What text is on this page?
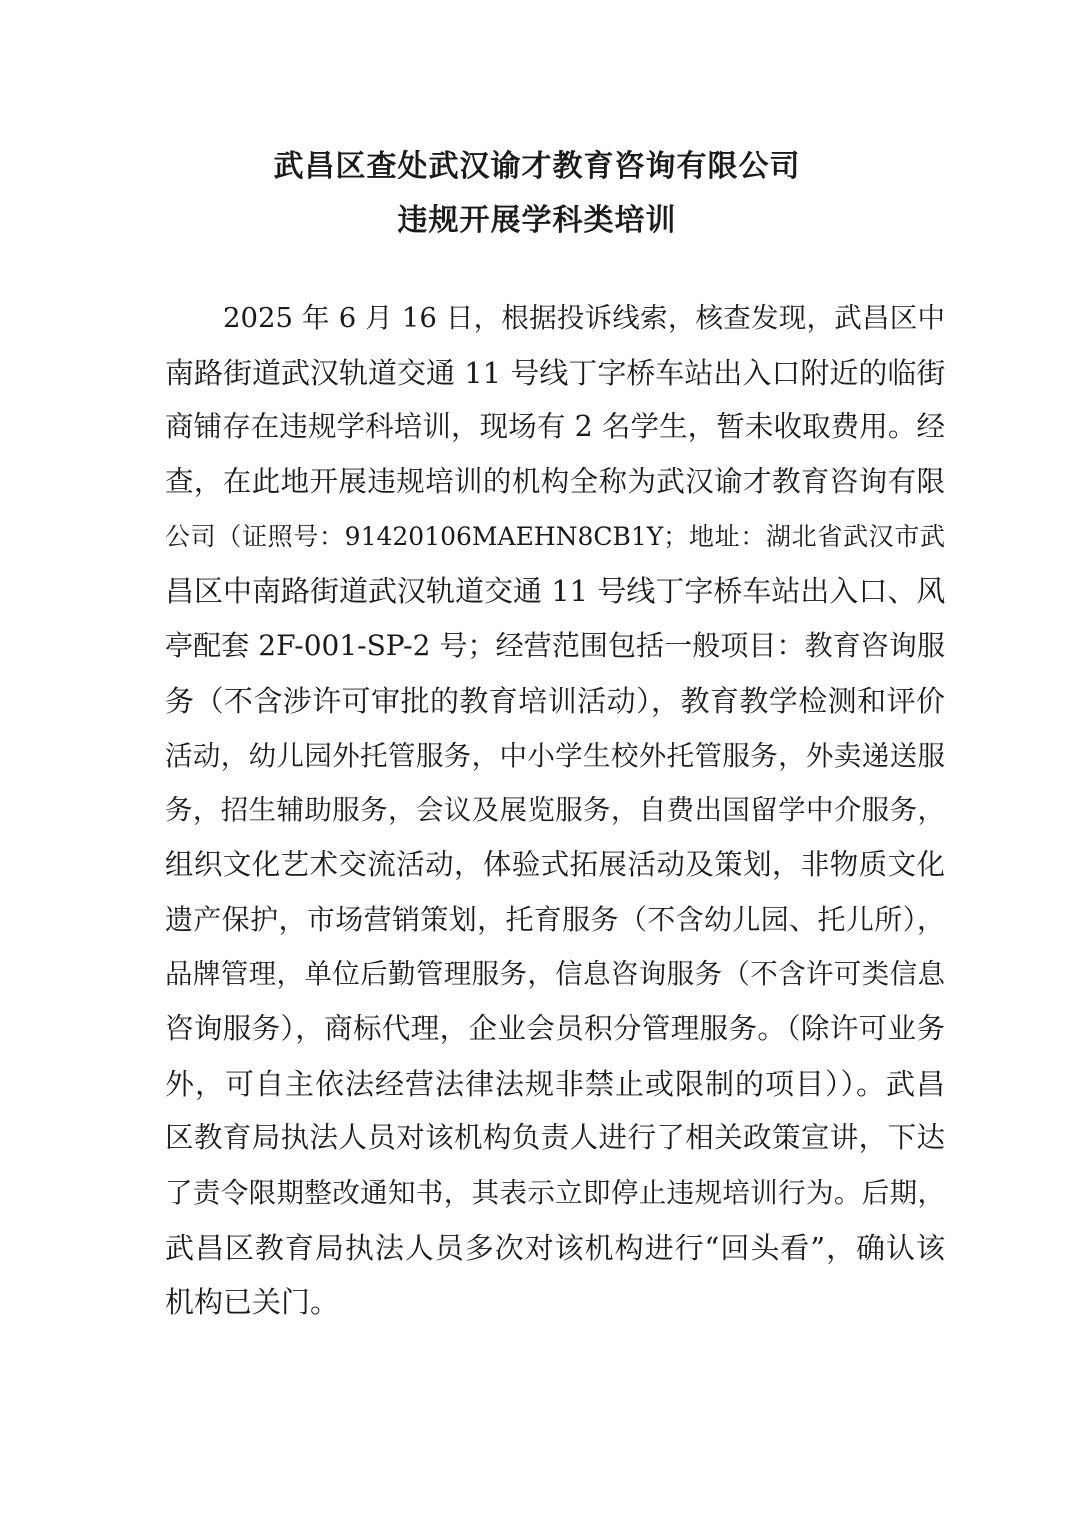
武昌区查处武汉谕才教育咨询有限公司
违规开展学科类培训
2025 年 6 月 16 日，根据投诉线索，核查发现，武昌区中
南路街道武汉轨道交通 11 号线丁字桥车站出入口附近的临街
商铺存在违规学科培训，现场有 2 名学生，暂未收取费用。经
查，在此地开展违规培训的机构全称为武汉谕才教育咨询有限
公司（证照号：91420106MAEHN8CB1Y；地址：湖北省武汉市武
昌区中南路街道武汉轨道交通 11 号线丁字桥车站出入口、风
亭配套 2F-001-SP-2 号；经营范围包括一般项目：教育咨询服
务（不含涉许可审批的教育培训活动），教育教学检测和评价
活动，幼儿园外托管服务，中小学生校外托管服务，外卖递送服
务，招生辅助服务，会议及展览服务，自费出国留学中介服务，
组织文化艺术交流活动，体验式拓展活动及策划，非物质文化
遗产保护，市场营销策划，托育服务（不含幼儿园、托儿所），
品牌管理，单位后勤管理服务，信息咨询服务（不含许可类信息
咨询服务），商标代理，企业会员积分管理服务。（除许可业务
外，可自主依法经营法律法规非禁止或限制的项目））。武昌
区教育局执法人员对该机构负责人进行了相关政策宣讲，下达
了责令限期整改通知书，其表示立即停止违规培训行为。后期，
武昌区教育局执法人员多次对该机构进行“回头看”，确认该
机构已关门。
